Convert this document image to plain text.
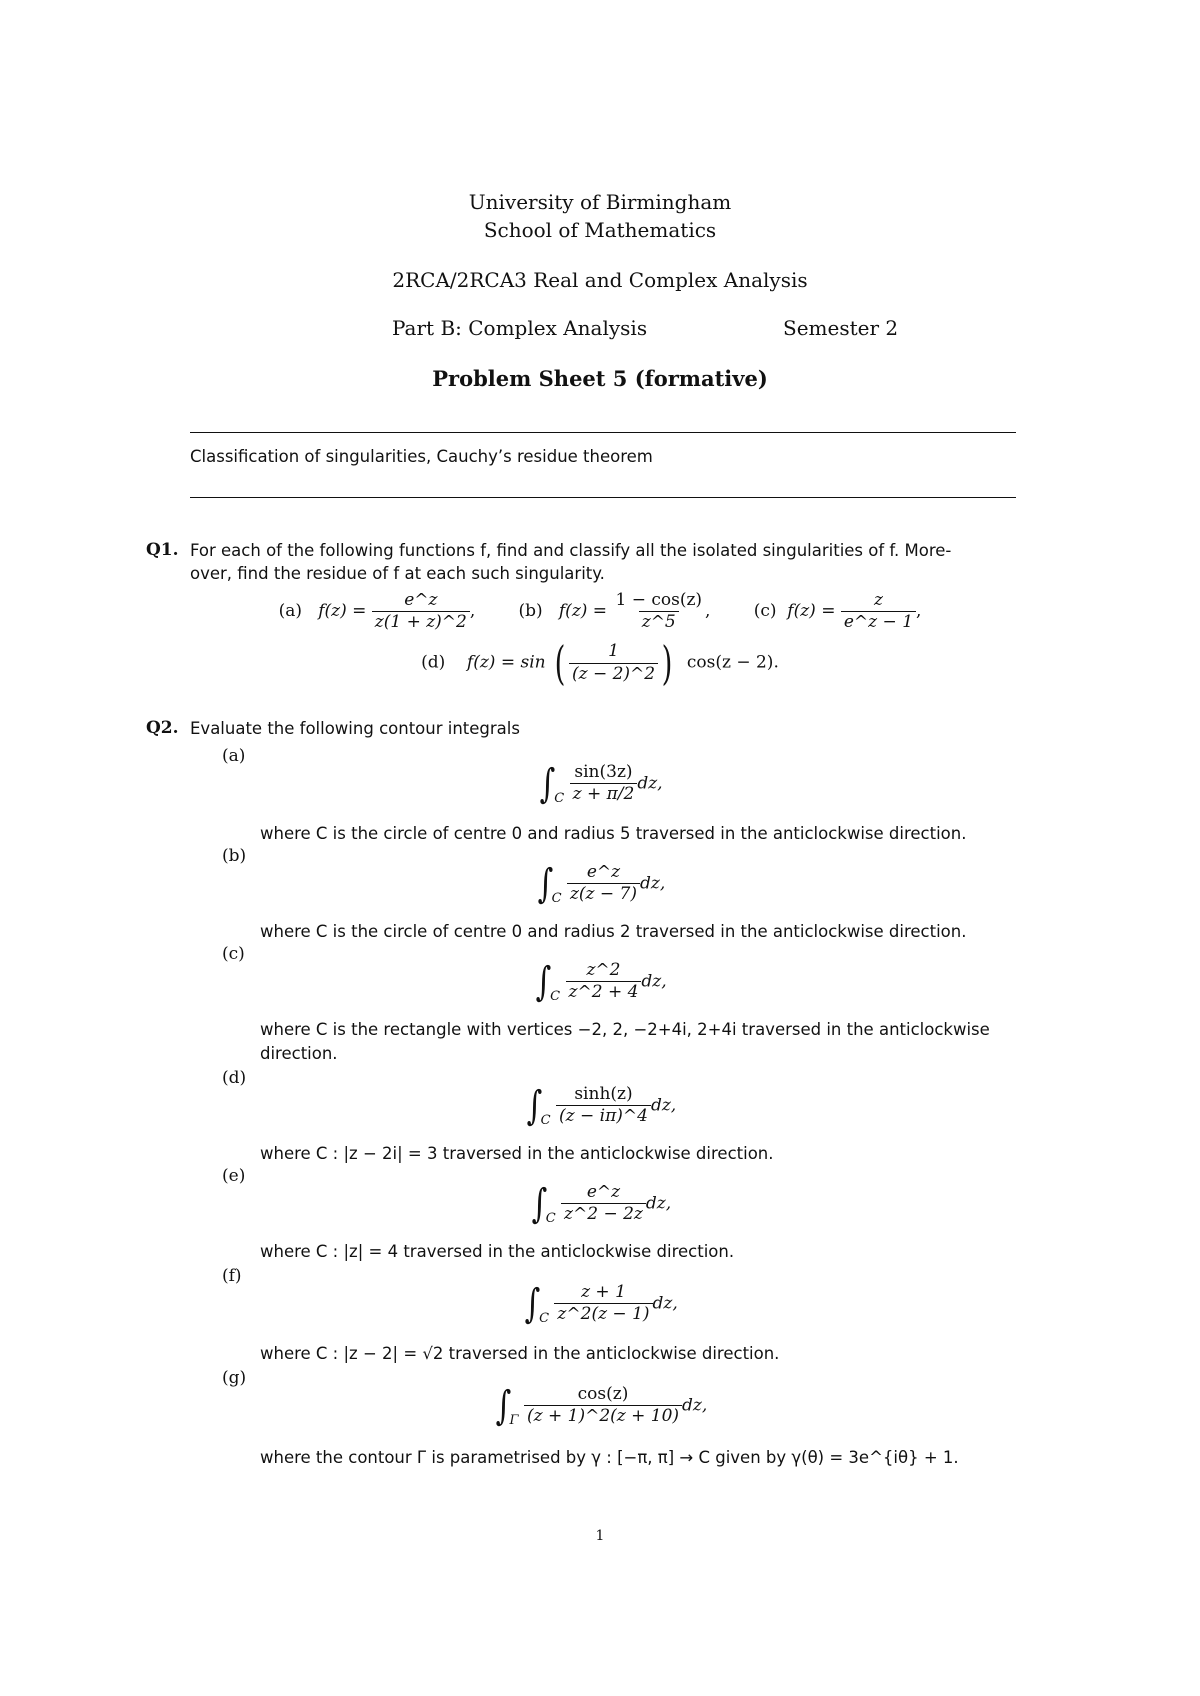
University of Birmingham
School of Mathematics
2RCA/2RCA3 Real and Complex Analysis
Part B: Complex Analysis	Semester 2
Problem Sheet 5 (formative)
Classification of singularities, Cauchy’s residue theorem
Q1. For each of the following functions f, find and classify all the isolated singularities of f. More-
over, find the residue of f at each such singularity.
(a) $f(z) = \frac{e\^{}z}{z(1 + z)\^{}2}$ ,	(b) $f(z) = \frac{1 - \cos(z)}{z\^{}5}$ ,	(c) $f(z) = \frac{z}{e\^{}z - 1}$ ,
(d) f(z) = sin ( $\frac{1}{(z - 2)\^{}2}$ ) cos(z − 2).
Q2. Evaluate the following contour integrals
(a)
$\int_C \frac{\sin(3z)}{z + \pi/2}$ dz,
where C is the circle of centre 0 and radius 5 traversed in the anticlockwise direction.
(b)
$\int_C \frac{e\^{}z}{z(z - 7)}$ dz,
where C is the circle of centre 0 and radius 2 traversed in the anticlockwise direction.
(c)
$\int_C \frac{z\^{}2}{z\^{}2 + 4}$ dz,
where C is the rectangle with vertices −2, 2, −2+4i, 2+4i traversed in the anticlockwise
direction.
(d)
$\int_C \frac{\sinh(z)}{(z - i\pi)\^{}4}$ dz,
where C : |z − 2i| = 3 traversed in the anticlockwise direction.
(e)
$\int_C \frac{e\^{}z}{z\^{}2 - 2z}$ dz,
where C : |z| = 4 traversed in the anticlockwise direction.
(f)
$\int_C \frac{z + 1}{z\^{}2(z - 1)}$ dz,
where C : |z − 2| = √2 traversed in the anticlockwise direction.
(g)
$\int_\Gamma \frac{\cos(z)}{(z + 1)\^{}2(z + 10)}$ dz,
where the contour Γ is parametrised by γ : [−π, π] → C given by γ(θ) = 3e^{iθ} + 1.
1
